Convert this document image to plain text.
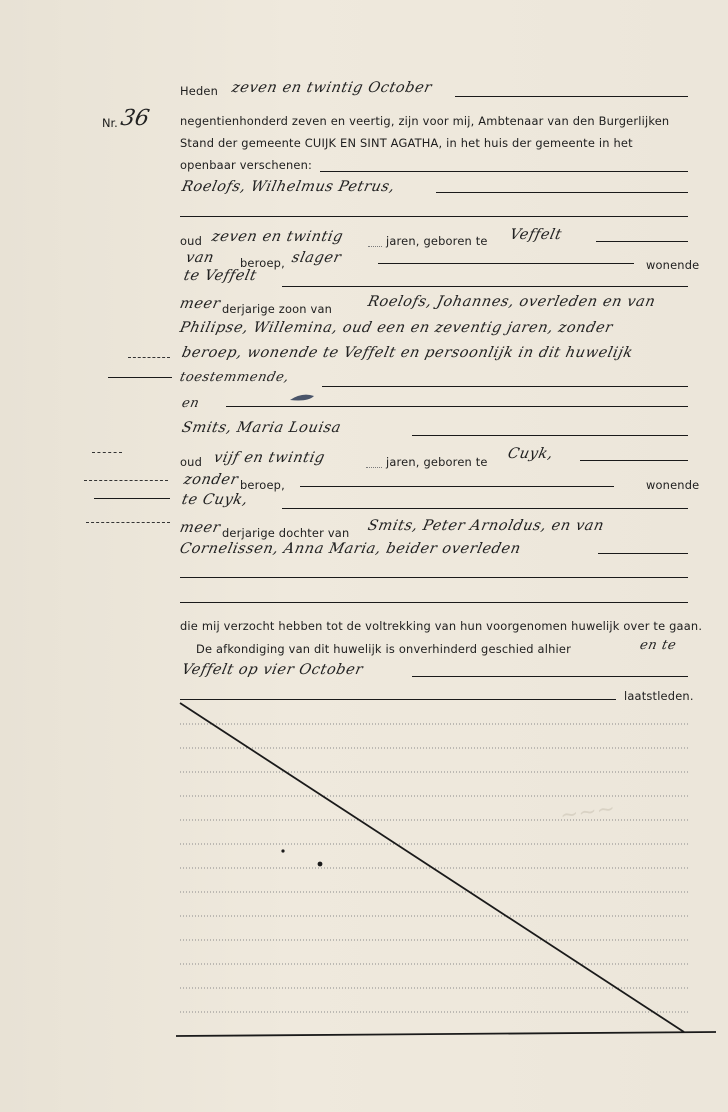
~~~
Nr. 36
Heden zeven en twintig October
negentienhonderd zeven en veertig, zijn voor mij, Ambtenaar van den Burgerlijken
Stand der gemeente CUIJK EN SINT AGATHA, in het huis der gemeente in het
openbaar verschenen:
Roelofs, Wilhelmus Petrus,
oud zeven en twintig	jaren, geboren te Veffelt
van beroep, slager	wonende
te Veffelt
meer derjarige zoon van Roelofs, Johannes, overleden en van
Philipse, Willemina, oud een en zeventig jaren, zonder
beroep, wonende te Veffelt en persoonlijk in dit huwelijk
toestemmende,
en
Smits, Maria Louisa
oud vijf en twintig	jaren, geboren te Cuyk,
zonder beroep,	wonende
te Cuyk,
meer derjarige dochter van Smits, Peter Arnoldus, en van
Cornelissen, Anna Maria, beider overleden
die mij verzocht hebben tot de voltrekking van hun voorgenomen huwelijk over te gaan.
De afkondiging van dit huwelijk is onverhinderd geschied alhier	en te
Veffelt op vier October
laatstleden.
